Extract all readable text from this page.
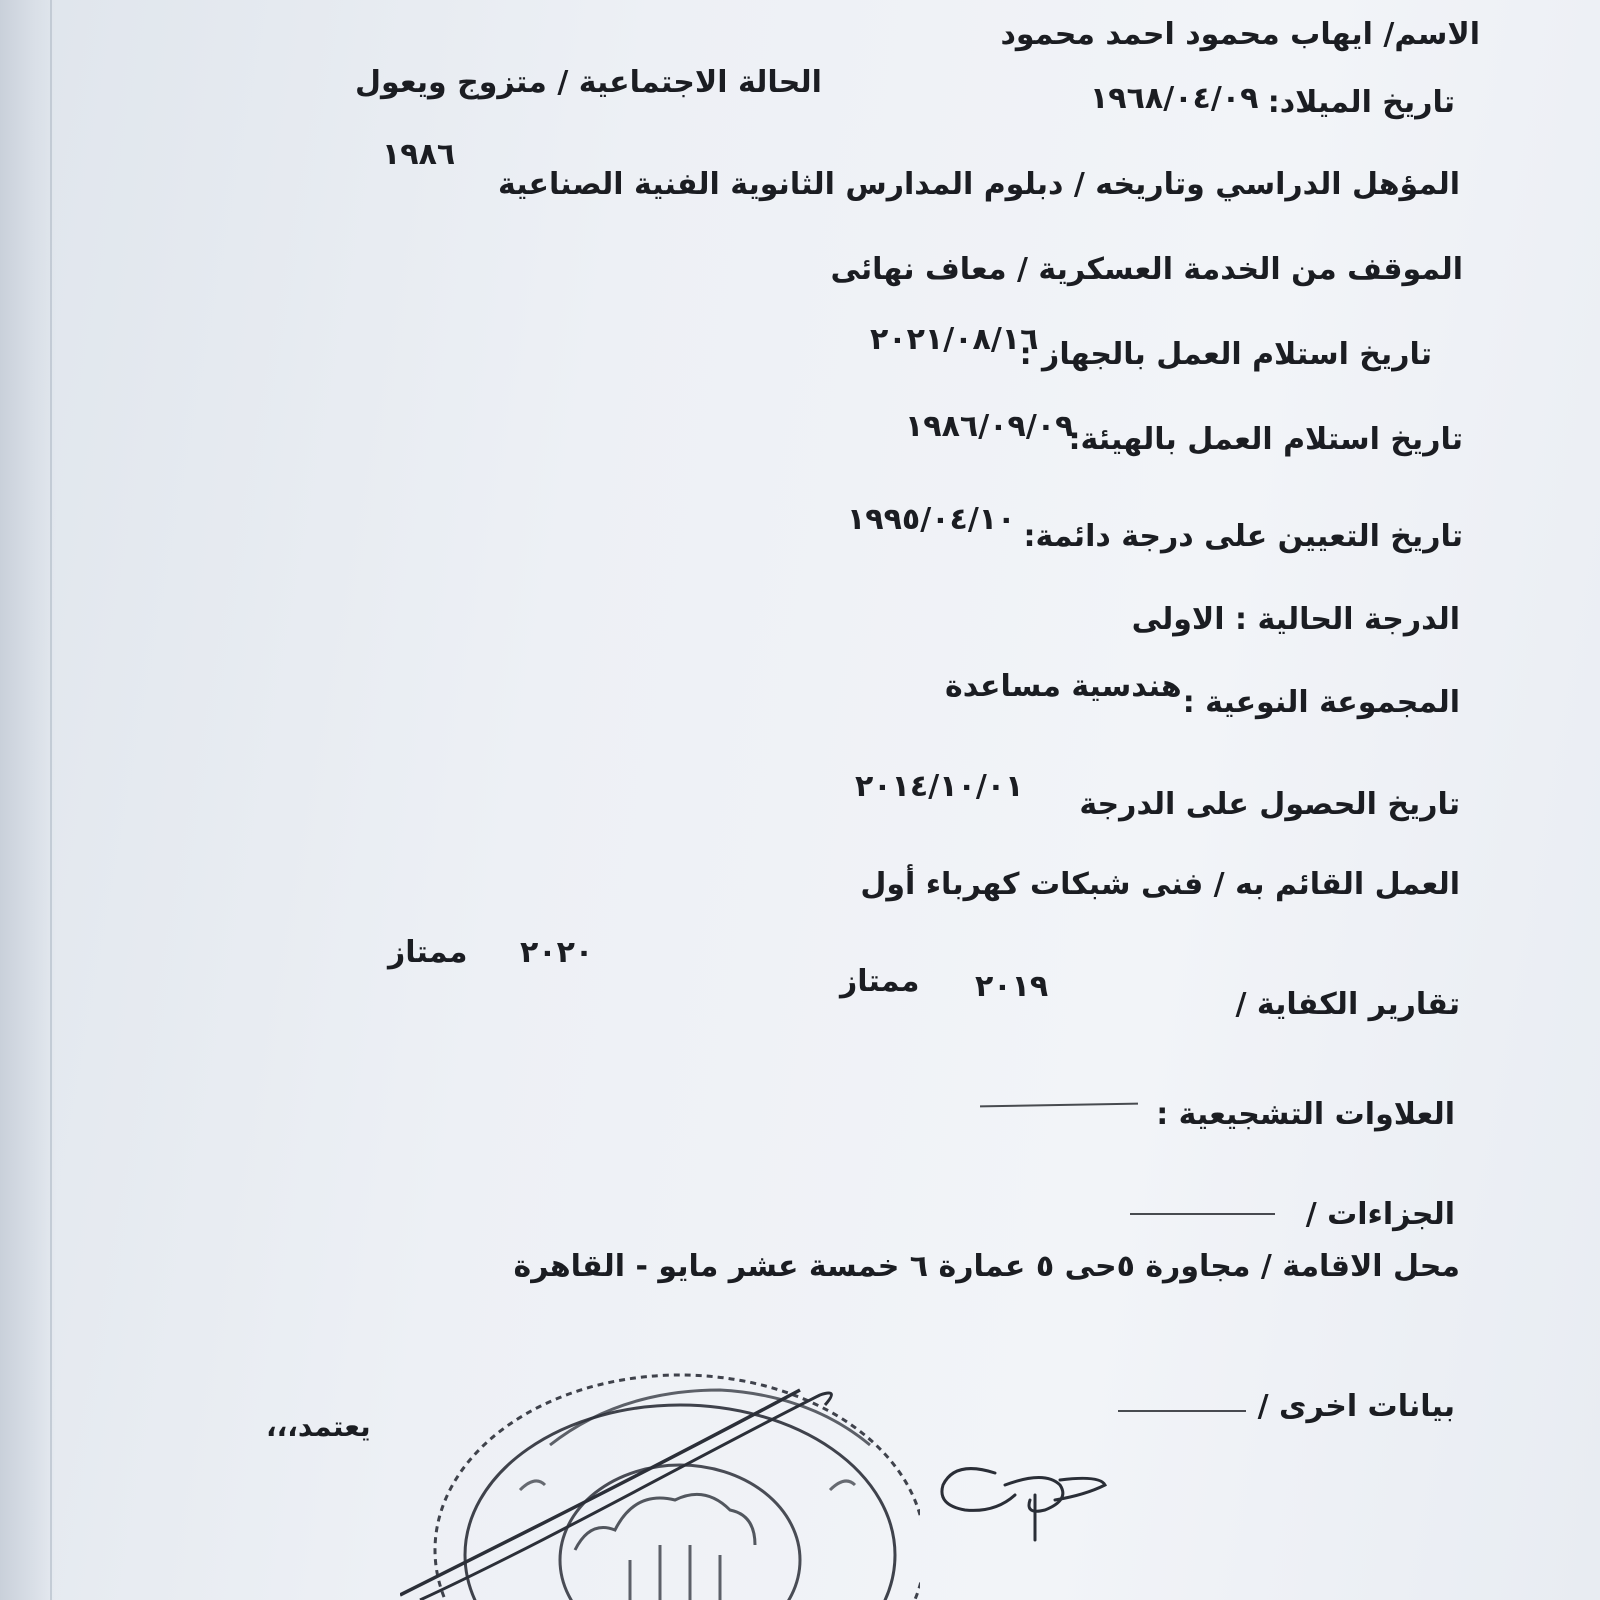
الاسم/ ايهاب محمود احمد محمود
تاريخ الميلاد:
١٩٦٨/٠٤/٠٩
الحالة الاجتماعية / متزوج ويعول
١٩٨٦
المؤهل الدراسي وتاريخه / دبلوم المدارس الثانوية الفنية الصناعية
الموقف من الخدمة العسكرية / معاف نهائى
تاريخ استلام العمل بالجهاز :
٢٠٢١/٠٨/١٦
تاريخ استلام العمل بالهيئة:
١٩٨٦/٠٩/٠٩
تاريخ التعيين على درجة دائمة:
١٩٩٥/٠٤/١٠
الدرجة الحالية : الاولى
المجموعة النوعية :
هندسية مساعدة
تاريخ الحصول على الدرجة
٢٠١٤/١٠/٠١
العمل القائم به / فنى شبكات كهرباء أول
٢٠٢٠
ممتاز
تقارير الكفاية /
٢٠١٩
ممتاز
العلاوات التشجيعية :
الجزاءات /
محل الاقامة / مجاورة ٥حى ٥ عمارة ٦ خمسة عشر مايو - القاهرة
بيانات اخرى /
يعتمد،،،
